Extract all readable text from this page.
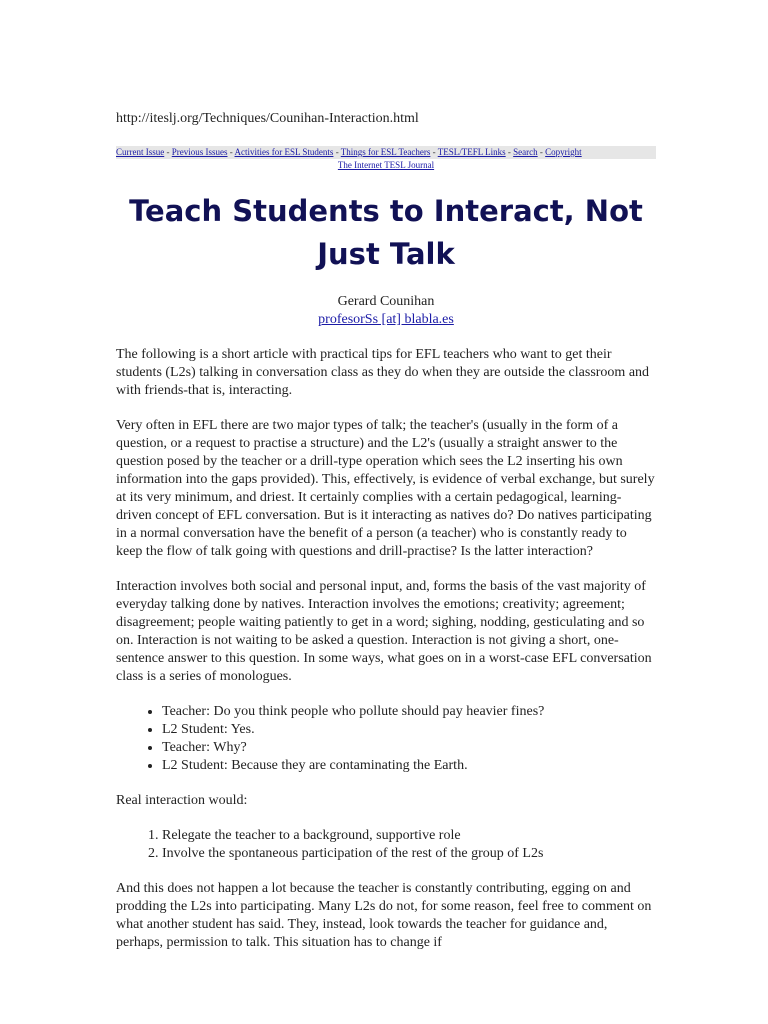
http://iteslj.org/Techniques/Counihan-Interaction.html
Current Issue - Previous Issues - Activities for ESL Students - Things for ESL Teachers - TESL/TEFL Links - Search - Copyright
The Internet TESL Journal
Teach Students to Interact, Not Just Talk
Gerard Counihan
profesorSs [at] blabla.es

The following is a short article with practical tips for EFL teachers who want to get their students (L2s) talking in conversation class as they do when they are outside the classroom and with friends-that is, interacting.

Very often in EFL there are two major types of talk; the teacher's (usually in the form of a question, or a request to practise a structure) and the L2's (usually a straight answer to the question posed by the teacher or a drill-type operation which sees the L2 inserting his own information into the gaps provided). This, effectively, is evidence of verbal exchange, but surely at its very minimum, and driest. It certainly complies with a certain pedagogical, learning-driven concept of EFL conversation. But is it interacting as natives do? Do natives participating in a normal conversation have the benefit of a person (a teacher) who is constantly ready to keep the flow of talk going with questions and drill-practise? Is the latter interaction?

Interaction involves both social and personal input, and, forms the basis of the vast majority of everyday talking done by natives. Interaction involves the emotions; creativity; agreement; disagreement; people waiting patiently to get in a word; sighing, nodding, gesticulating and so on. Interaction is not waiting to be asked a question. Interaction is not giving a short, one-sentence answer to this question. In some ways, what goes on in a worst-case EFL conversation class is a series of monologues.

• Teacher: Do you think people who pollute should pay heavier fines?
• L2 Student: Yes.
• Teacher: Why?
• L2 Student: Because they are contaminating the Earth.

Real interaction would:

1. Relegate the teacher to a background, supportive role
2. Involve the spontaneous participation of the rest of the group of L2s

And this does not happen a lot because the teacher is constantly contributing, egging on and prodding the L2s into participating. Many L2s do not, for some reason, feel free to comment on what another student has said. They, instead, look towards the teacher for guidance and, perhaps, permission to talk. This situation has to change if
